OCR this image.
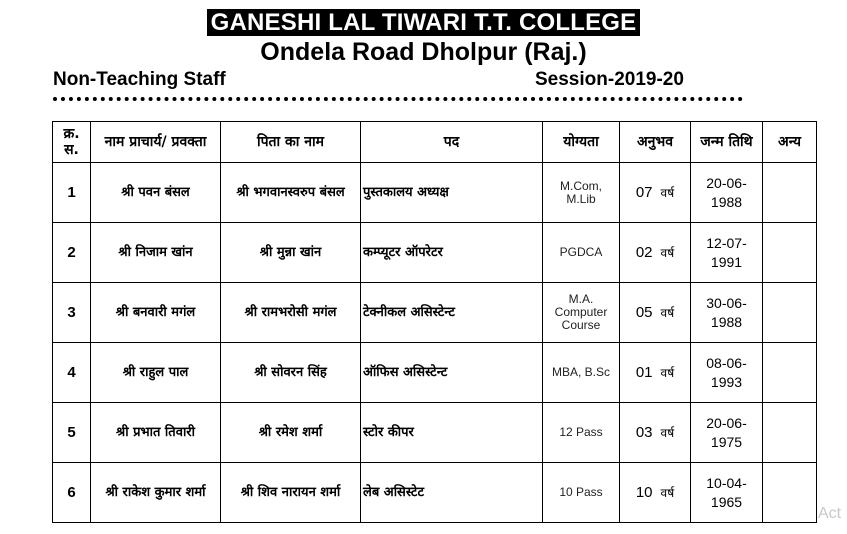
GANESHI LAL TIWARI T.T. COLLEGE
Ondela Road Dholpur (Raj.)
Non-Teaching Staff	Session-2019-20
क्र. स.	नाम प्राचार्य/ प्रवक्ता	पिता का नाम	पद	योग्यता	अनुभव	जन्म तिथि	अन्य
1	श्री पवन बंसल	श्री भगवानस्वरुप बंसल	पुस्तकालय अध्यक्ष	M.Com, M.Lib	07 वर्ष	20-06-1988	
2	श्री निजाम खांन	श्री मुन्ना खांन	कम्प्यूटर ऑपरेटर	PGDCA	02 वर्ष	12-07-1991	
3	श्री बनवारी मगंल	श्री रामभरोसी मगंल	टेक्नीकल असिस्टेन्ट	M.A. Computer Course	05 वर्ष	30-06-1988	
4	श्री राहुल पाल	श्री सोवरन सिंह	ऑफिस असिस्टेन्ट	MBA, B.Sc	01 वर्ष	08-06-1993	
5	श्री प्रभात तिवारी	श्री रमेश शर्मा	स्टोर कीपर	12 Pass	03 वर्ष	20-06-1975	
6	श्री राकेश कुमार शर्मा	श्री शिव नारायन शर्मा	लेब असिस्टेट	10 Pass	10 वर्ष	10-04-1965	
Act
